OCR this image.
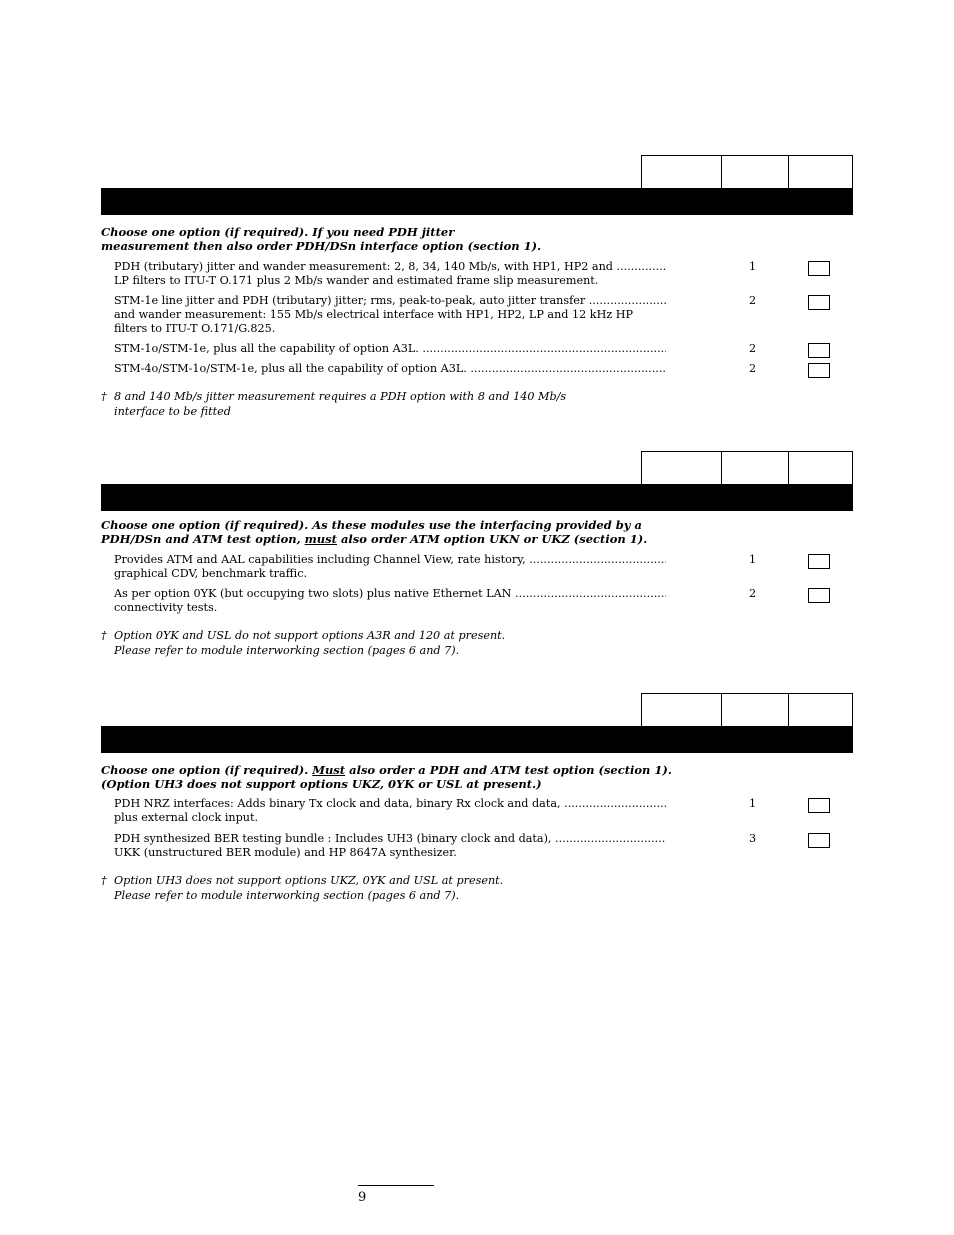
Choose one option (if required). If you need PDH jitter
measurement then also order PDH/DSn interface option (section 1).
PDH (tributary) jitter and wander measurement: 2, 8, 34, 140 Mb/s, with HP1, HP2 and .....
LP filters to ITU-T O.171 plus 2 Mb/s wander and estimated frame slip measurement.
1
STM-1e line jitter and PDH (tributary) jitter; rms, peak-to-peak, auto jitter transfer .....
and wander measurement: 155 Mb/s electrical interface with HP1, HP2, LP and 12 kHz HP filters to ITU-T O.171/G.825.
2
STM-1o/STM-1e, plus all the capability of option A3L. .....	2
STM-4o/STM-1o/STM-1e, plus all the capability of option A3L. .....	2
† 8 and 140 Mb/s jitter measurement requires a PDH option with 8 and 140 Mb/s
interface to be fitted
Choose one option (if required). As these modules use the interfacing provided by a
PDH/DSn and ATM test option, must also order ATM option UKN or UKZ (section 1).
Provides ATM and AAL capabilities including Channel View, rate history, .....
graphical CDV, benchmark traffic.
1
As per option 0YK (but occupying two slots) plus native Ethernet LAN .....
connectivity tests.
2
† Option 0YK and USL do not support options A3R and 120 at present.
Please refer to module interworking section (pages 6 and 7).
Choose one option (if required). Must also order a PDH and ATM test option (section 1).
(Option UH3 does not support options UKZ, 0YK or USL at present.)
PDH NRZ interfaces: Adds binary Tx clock and data, binary Rx clock and data, .....
plus external clock input.
1
PDH synthesized BER testing bundle : Includes UH3 (binary clock and data), .....
UKK (unstructured BER module) and HP 8647A synthesizer.
3
† Option UH3 does not support options UKZ, 0YK and USL at present.
Please refer to module interworking section (pages 6 and 7).
9
